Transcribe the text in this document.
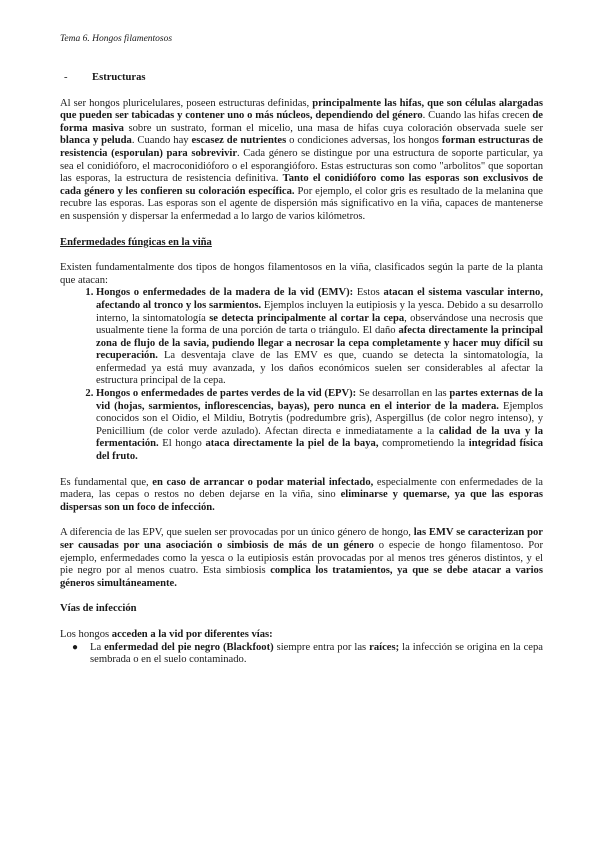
Tema 6. Hongos filamentosos

- Estructuras

Al ser hongos pluricelulares, poseen estructuras definidas, principalmente las hifas, que son células alargadas que pueden ser tabicadas y contener uno o más núcleos, dependiendo del género. Cuando las hifas crecen de forma masiva sobre un sustrato, forman el micelio, una masa de hifas cuya coloración observada suele ser blanca y peluda. Cuando hay escasez de nutrientes o condiciones adversas, los hongos forman estructuras de resistencia (esporulan) para sobrevivir. Cada género se distingue por una estructura de soporte particular, ya sea el conidióforo, el macroconidióforo o el esporangióforo. Estas estructuras son como "arbolitos" que soportan las esporas, la estructura de resistencia definitiva. Tanto el conidióforo como las esporas son exclusivos de cada género y les confieren su coloración específica. Por ejemplo, el color gris es resultado de la melanina que recubre las esporas. Las esporas son el agente de dispersión más significativo en la viña, capaces de mantenerse en suspensión y dispersar la enfermedad a lo largo de varios kilómetros.

Enfermedades fúngicas en la viña

Existen fundamentalmente dos tipos de hongos filamentosos en la viña, clasificados según la parte de la planta que atacan:

1. Hongos o enfermedades de la madera de la vid (EMV): Estos atacan el sistema vascular interno, afectando al tronco y los sarmientos. Ejemplos incluyen la eutipiosis y la yesca. Debido a su desarrollo interno, la sintomatología se detecta principalmente al cortar la cepa, observándose una necrosis que usualmente tiene la forma de una porción de tarta o triángulo. El daño afecta directamente la principal zona de flujo de la savia, pudiendo llegar a necrosar la cepa completamente y hacer muy difícil su recuperación. La desventaja clave de las EMV es que, cuando se detecta la sintomatología, la enfermedad ya está muy avanzada, y los daños económicos suelen ser considerables al afectar la estructura principal de la cepa.
2. Hongos o enfermedades de partes verdes de la vid (EPV): Se desarrollan en las partes externas de la vid (hojas, sarmientos, inflorescencias, bayas), pero nunca en el interior de la madera. Ejemplos conocidos son el Oidio, el Mildiu, Botrytis (podredumbre gris), Aspergillus (de color negro intenso), y Penicillium (de color verde azulado). Afectan directa e inmediatamente a la calidad de la uva y la fermentación. El hongo ataca directamente la piel de la baya, comprometiendo la integridad física del fruto.

Es fundamental que, en caso de arrancar o podar material infectado, especialmente con enfermedades de la madera, las cepas o restos no deben dejarse en la viña, sino eliminarse y quemarse, ya que las esporas dispersas son un foco de infección.

A diferencia de las EPV, que suelen ser provocadas por un único género de hongo, las EMV se caracterizan por ser causadas por una asociación o simbiosis de más de un género o especie de hongo filamentoso. Por ejemplo, enfermedades como la yesca o la eutipiosis están provocadas por al menos tres géneros distintos, y el pie negro por al menos cuatro. Esta simbiosis complica los tratamientos, ya que se debe atacar a varios géneros simultáneamente.

Vías de infección

Los hongos acceden a la vid por diferentes vías:

● La enfermedad del pie negro (Blackfoot) siempre entra por las raíces; la infección se origina en la cepa sembrada o en el suelo contaminado.
